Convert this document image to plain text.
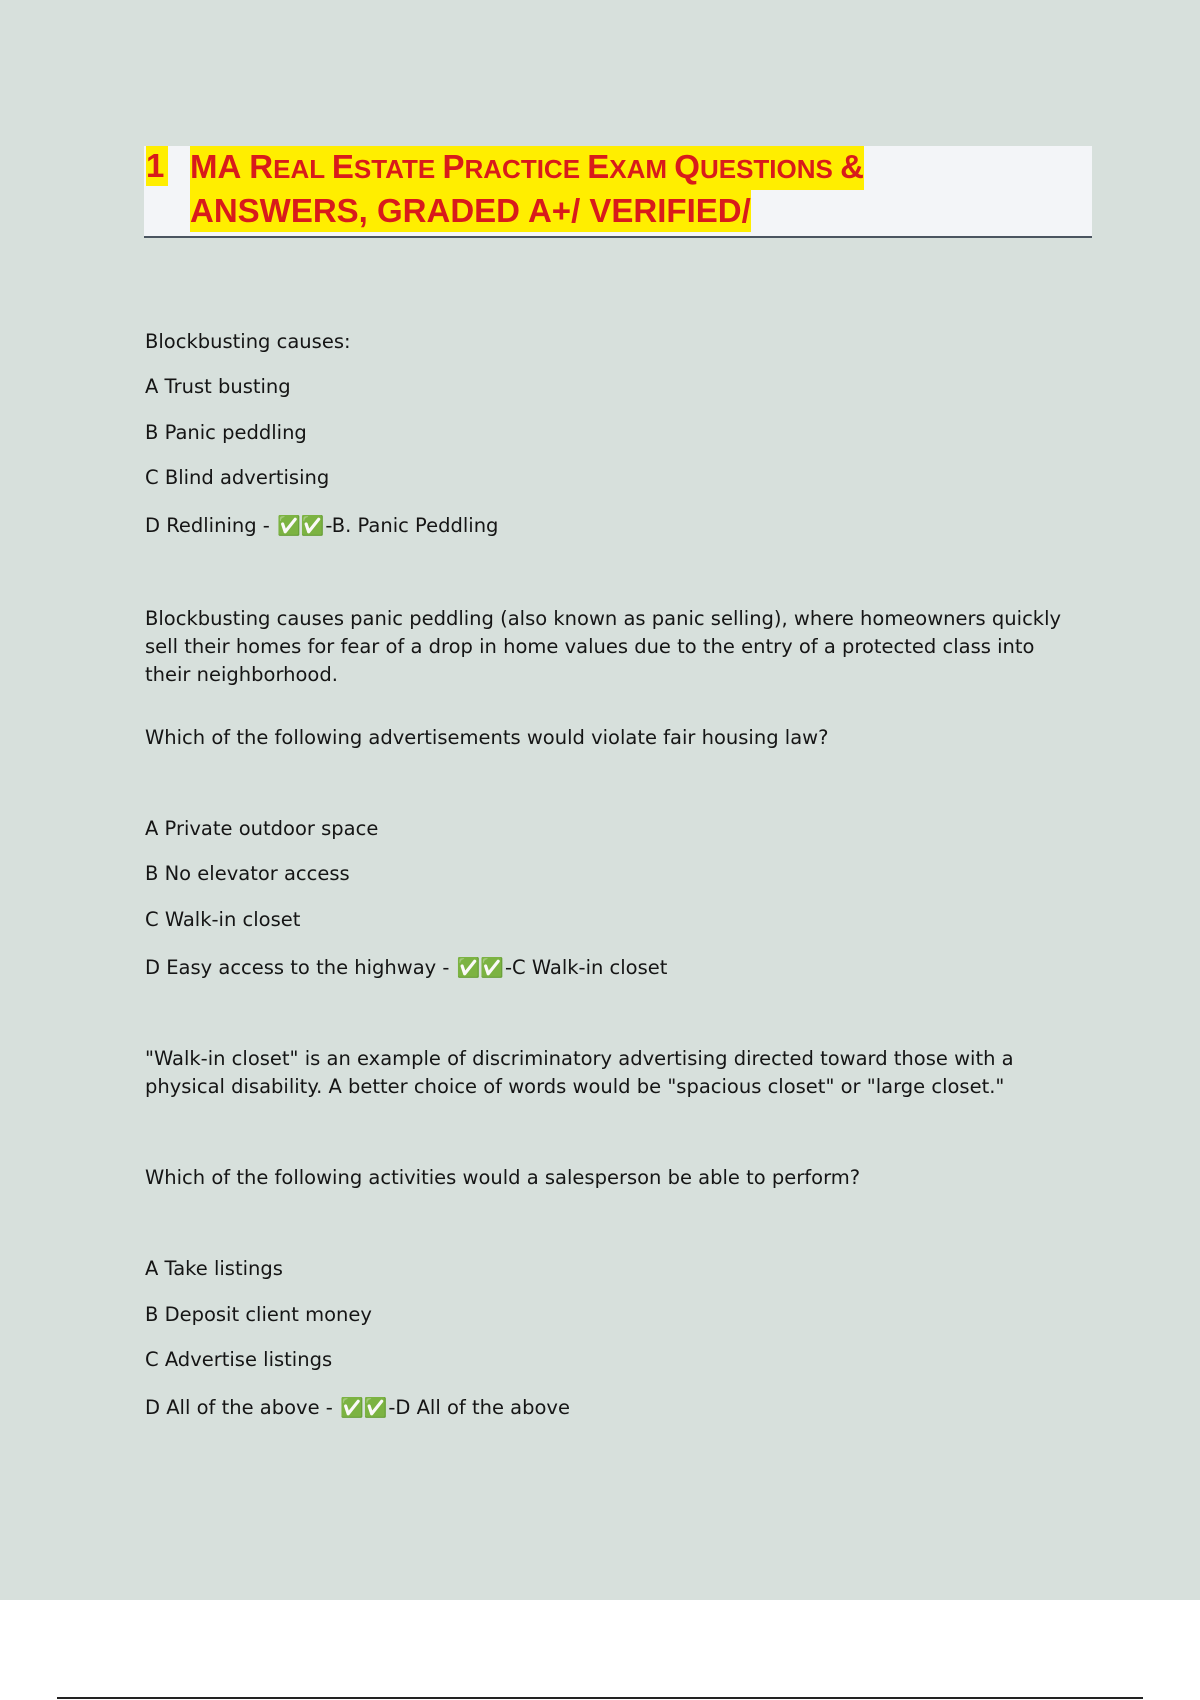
1 MA REAL ESTATE PRACTICE EXAM QUESTIONS &
ANSWERS, GRADED A+/ VERIFIED/
Blockbusting causes:
A Trust busting
B Panic peddling
C Blind advertising
D Redlining - ✅✅-B. Panic Peddling
Blockbusting causes panic peddling (also known as panic selling), where homeowners quickly sell their homes for fear of a drop in home values due to the entry of a protected class into their neighborhood.
Which of the following advertisements would violate fair housing law?
A Private outdoor space
B No elevator access
C Walk-in closet
D Easy access to the highway - ✅✅-C Walk-in closet
"Walk-in closet" is an example of discriminatory advertising directed toward those with a physical disability. A better choice of words would be "spacious closet" or "large closet."
Which of the following activities would a salesperson be able to perform?
A Take listings
B Deposit client money
C Advertise listings
D All of the above - ✅✅-D All of the above
